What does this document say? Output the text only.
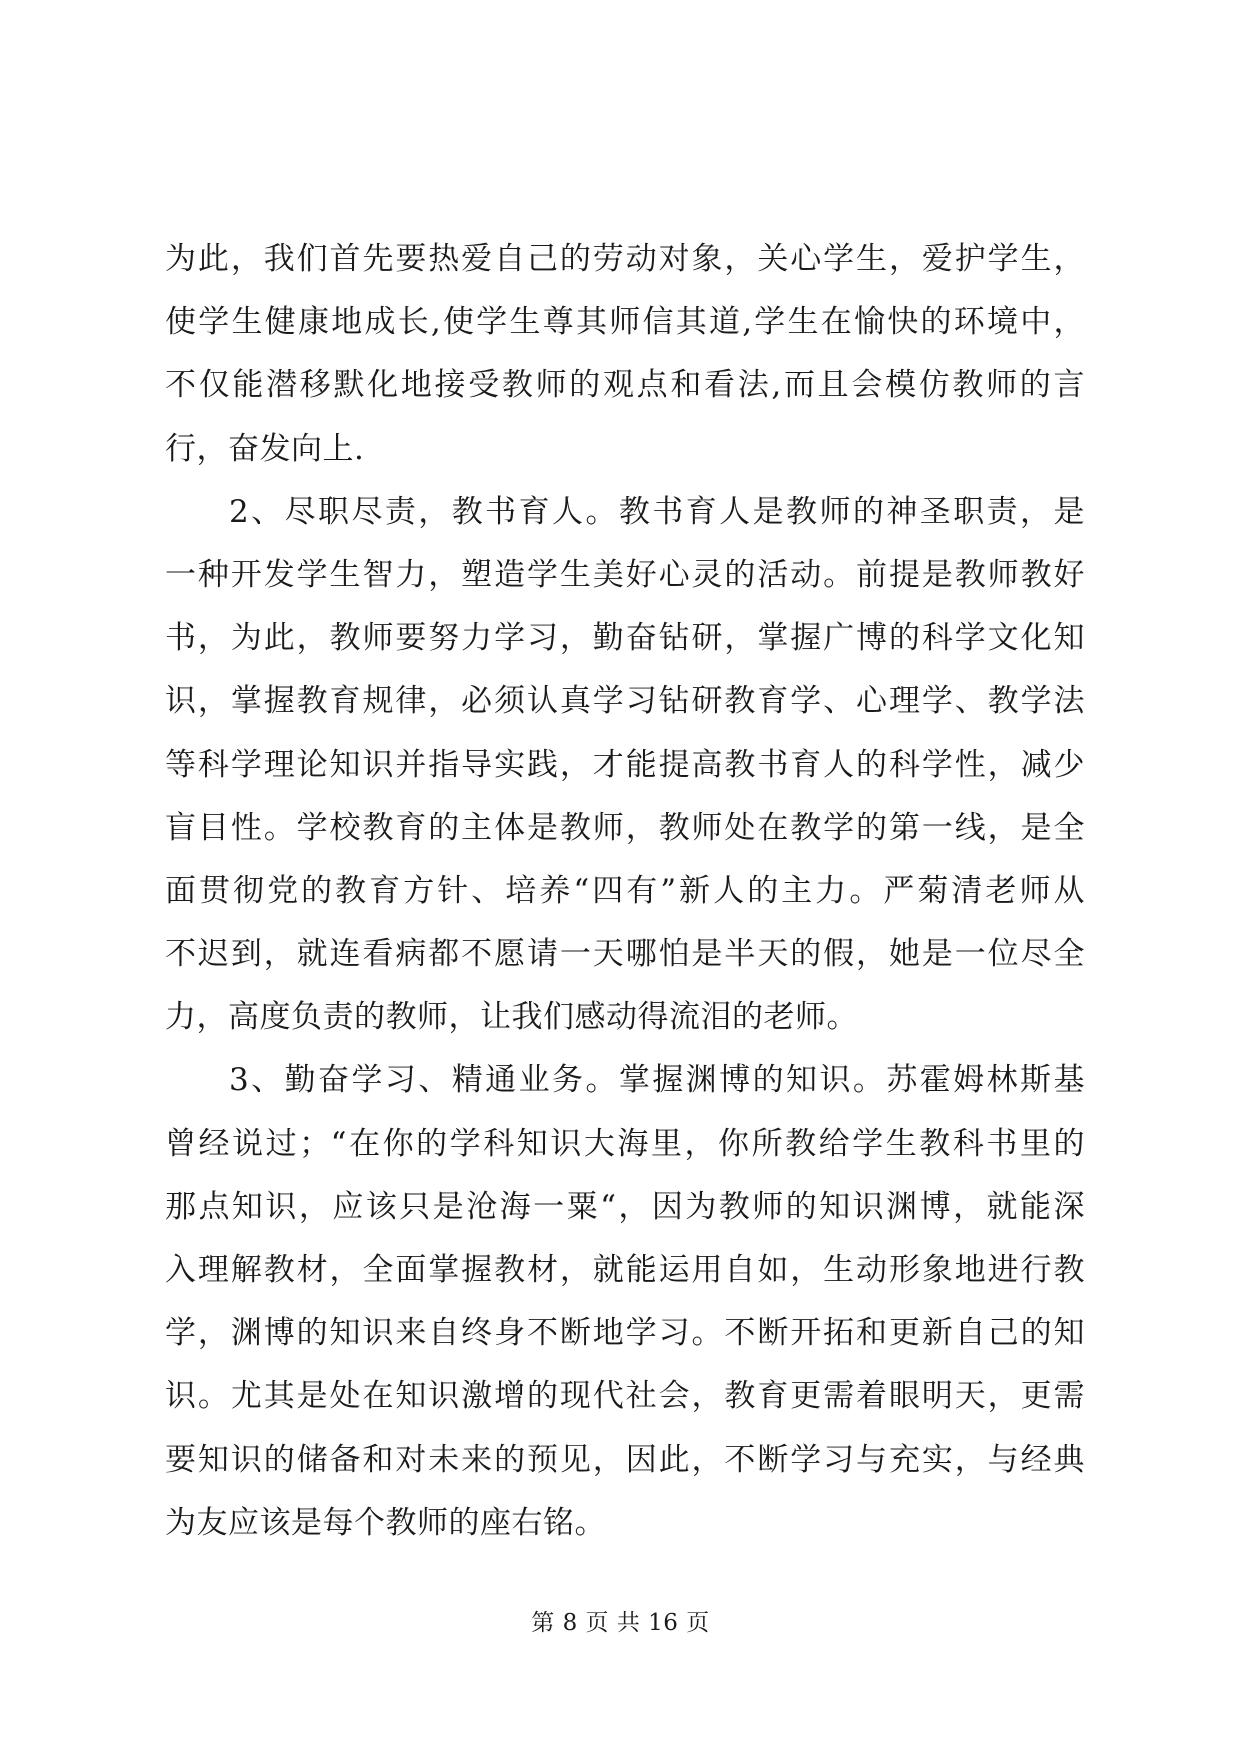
为此，我们首先要热爱自己的劳动对象，关心学生，爱护学生，
使学生健康地成长,使学生尊其师信其道,学生在愉快的环境中，
不仅能潜移默化地接受教师的观点和看法,而且会模仿教师的言
行，奋发向上.
2、尽职尽责，教书育人。教书育人是教师的神圣职责，是
一种开发学生智力，塑造学生美好心灵的活动。前提是教师教好
书，为此，教师要努力学习，勤奋钻研，掌握广博的科学文化知
识，掌握教育规律，必须认真学习钻研教育学、心理学、教学法
等科学理论知识并指导实践，才能提高教书育人的科学性，减少
盲目性。学校教育的主体是教师，教师处在教学的第一线，是全
面贯彻党的教育方针、培养“四有”新人的主力。严菊清老师从
不迟到，就连看病都不愿请一天哪怕是半天的假，她是一位尽全
力，高度负责的教师，让我们感动得流泪的老师。
3、勤奋学习、精通业务。掌握渊博的知识。苏霍姆林斯基
曾经说过；“在你的学科知识大海里，你所教给学生教科书里的
那点知识，应该只是沧海一粟“，因为教师的知识渊博，就能深
入理解教材，全面掌握教材，就能运用自如，生动形象地进行教
学，渊博的知识来自终身不断地学习。不断开拓和更新自己的知
识。尤其是处在知识激增的现代社会，教育更需着眼明天，更需
要知识的储备和对未来的预见，因此，不断学习与充实，与经典
为友应该是每个教师的座右铭。
第 8 页 共 16 页
